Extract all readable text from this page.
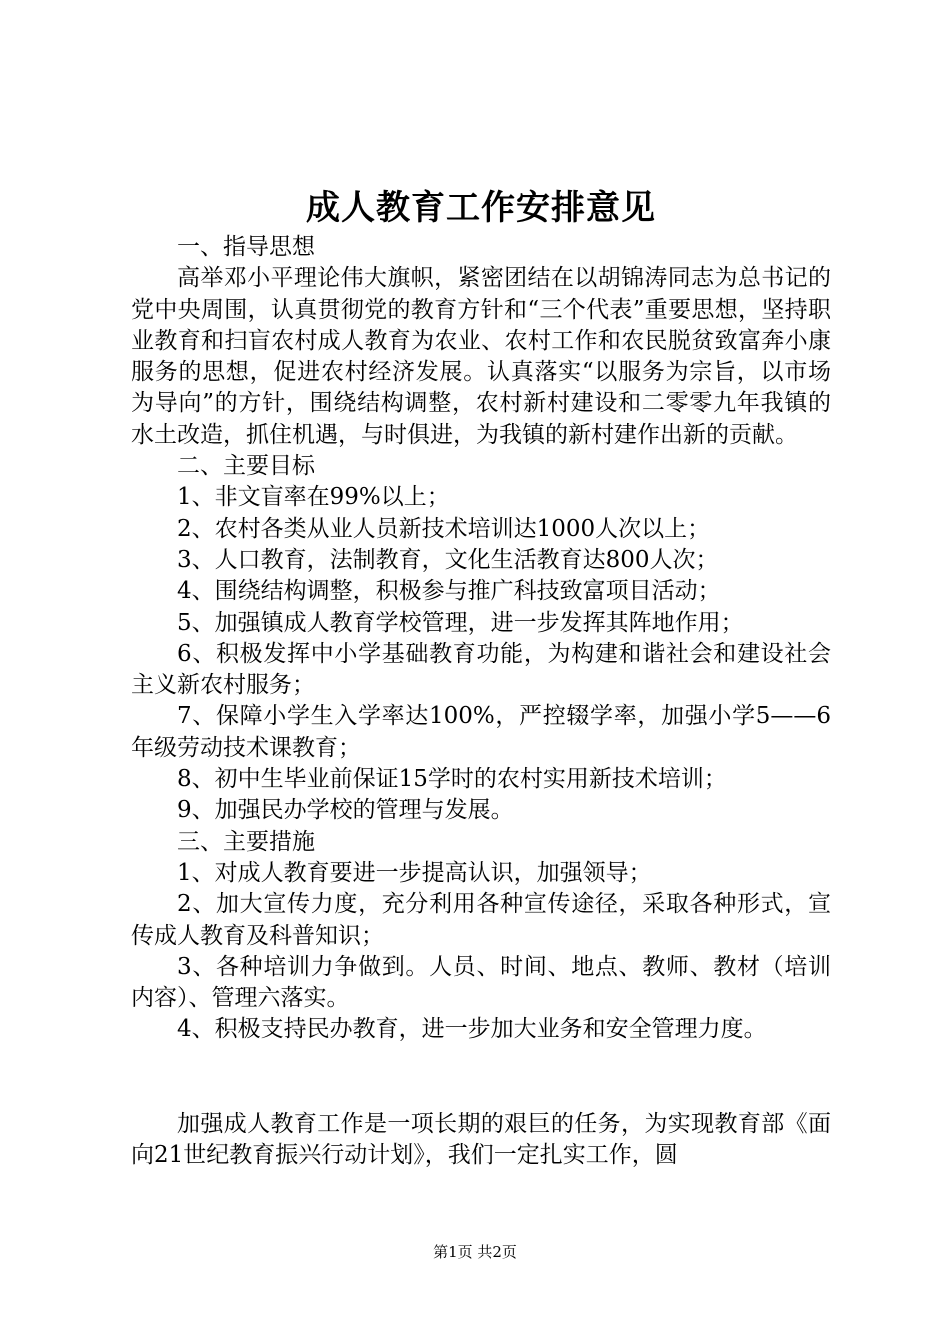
成人教育工作安排意见

一、指导思想

高举邓小平理论伟大旗帜，紧密团结在以胡锦涛同志为总书记的党中央周围，认真贯彻党的教育方针和“三个代表”重要思想，坚持职业教育和扫盲农村成人教育为农业、农村工作和农民脱贫致富奔小康服务的思想，促进农村经济发展。认真落实“以服务为宗旨，以市场为导向”的方针，围绕结构调整，农村新村建设和二零零九年我镇的水土改造，抓住机遇，与时俱进，为我镇的新村建作出新的贡献。

二、主要目标

1、非文盲率在99%以上；

2、农村各类从业人员新技术培训达1000人次以上；

3、人口教育，法制教育，文化生活教育达800人次；

4、围绕结构调整，积极参与推广科技致富项目活动；

5、加强镇成人教育学校管理，进一步发挥其阵地作用；

6、积极发挥中小学基础教育功能，为构建和谐社会和建设社会主义新农村服务；

7、保障小学生入学率达100%，严控辍学率，加强小学5——6年级劳动技术课教育；

8、初中生毕业前保证15学时的农村实用新技术培训；

9、加强民办学校的管理与发展。

三、主要措施

1、对成人教育要进一步提高认识，加强领导；

2、加大宣传力度，充分利用各种宣传途径，采取各种形式，宣传成人教育及科普知识；

3、各种培训力争做到。人员、时间、地点、教师、教材（培训内容）、管理六落实。

4、积极支持民办教育，进一步加大业务和安全管理力度。

加强成人教育工作是一项长期的艰巨的任务，为实现教育部《面向21世纪教育振兴行动计划》，我们一定扎实工作，圆

第1页 共2页
